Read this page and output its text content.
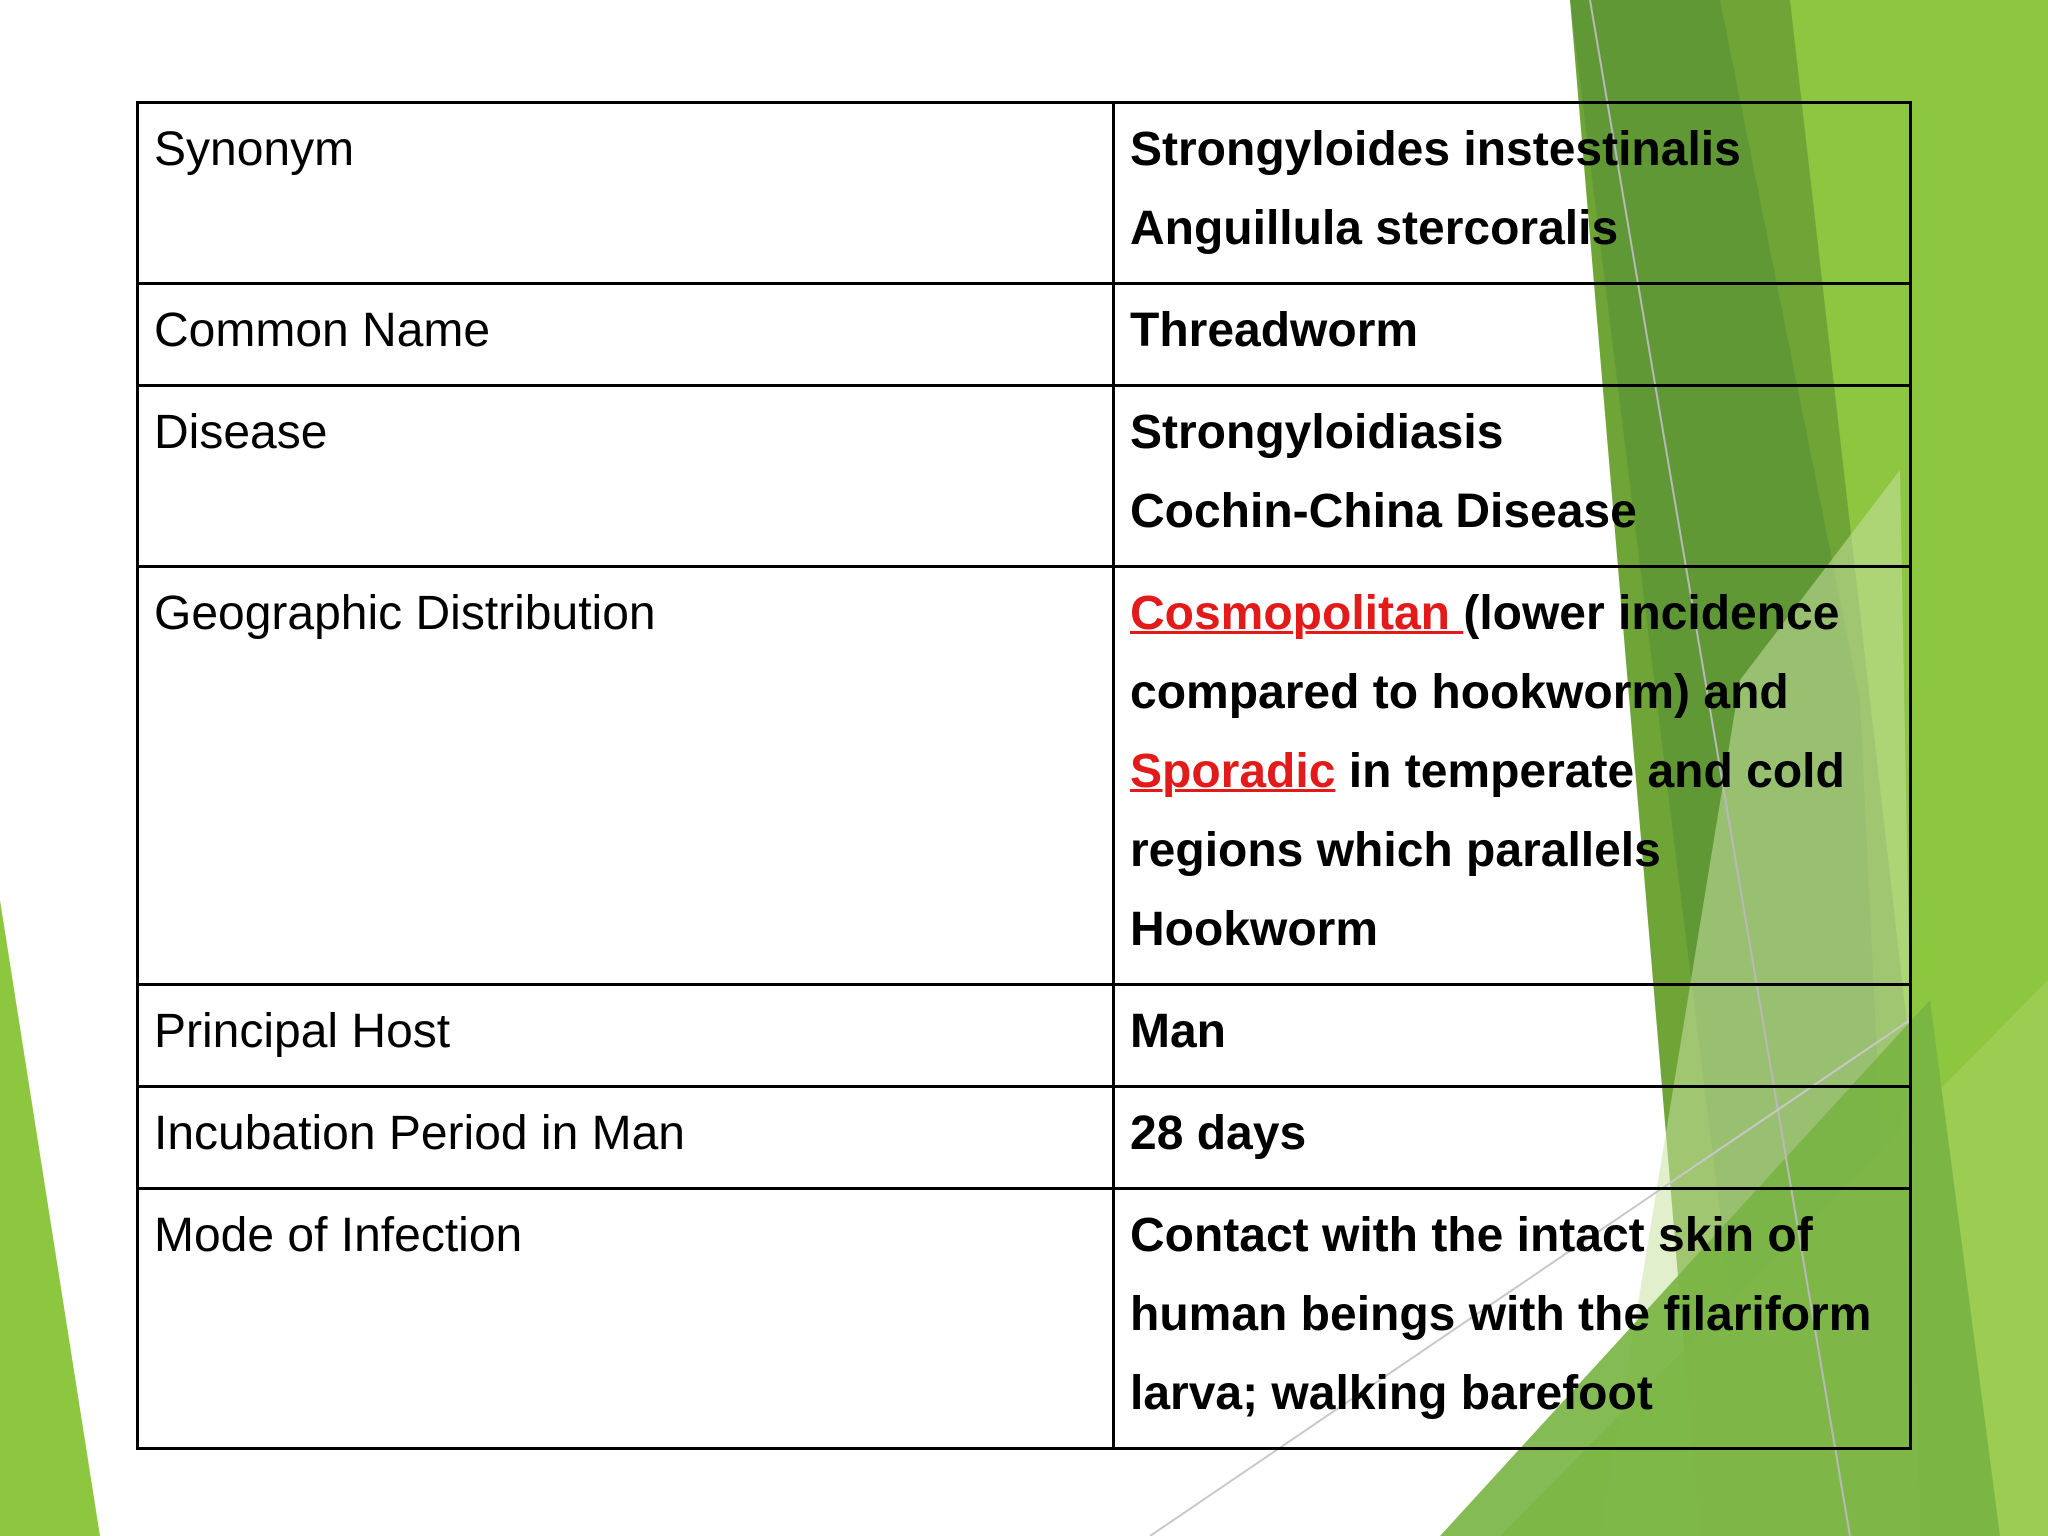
Synonym	Strongyloides instestinalis
Anguillula stercoralis

Common Name	Threadworm
Disease	Strongyloidiasis
Cochin-China Disease

Geographic Distribution	Cosmopolitan (lower incidence compared to hookworm) and Sporadic in temperate and cold regions which parallels Hookworm
Principal Host	Man
Incubation Period in Man	28 days
Mode of Infection	Contact with the intact skin of human beings with the filariform larva; walking barefoot
